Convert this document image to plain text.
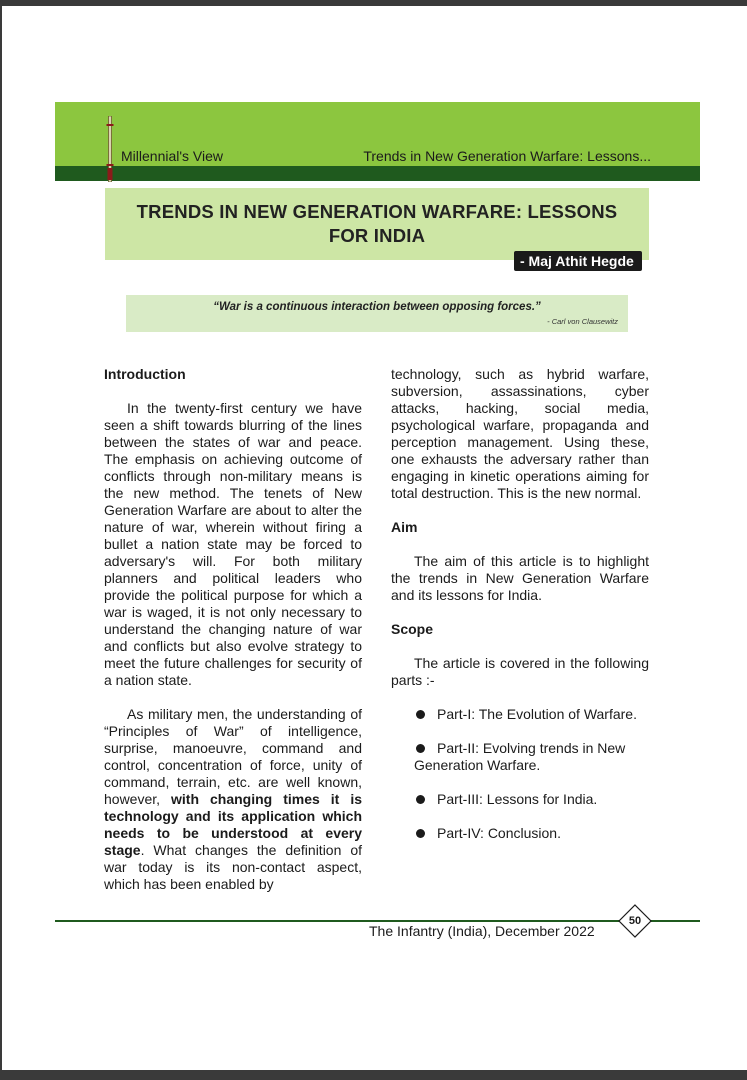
Millennial's View	Trends in New Generation Warfare: Lessons...
TRENDS IN NEW GENERATION WARFARE: LESSONS
FOR INDIA
- Maj Athit Hegde
“War is a continuous interaction between opposing forces.”
- Carl von Clausewitz
Introduction

In the twenty-first century we have seen a shift towards blurring of the lines between the states of war and peace. The emphasis on achieving outcome of conflicts through non-military means is the new method. The tenets of New Generation Warfare are about to alter the nature of war, wherein without firing a bullet a nation state may be forced to adversary's will. For both military planners and political leaders who provide the political purpose for which a war is waged, it is not only necessary to understand the changing nature of war and conflicts but also evolve strategy to meet the future challenges for security of a nation state.

As military men, the understanding of “Principles of War” of intelligence, surprise, manoeuvre, command and control, concentration of force, unity of command, terrain, etc. are well known, however, with changing times it is technology and its application which needs to be understood at every stage. What changes the definition of war today is its non-contact aspect, which has been enabled by

technology, such as hybrid warfare, subversion, assassinations, cyber attacks, hacking, social media, psychological warfare, propaganda and perception management. Using these, one exhausts the adversary rather than engaging in kinetic operations aiming for total destruction. This is the new normal.

Aim

The aim of this article is to highlight the trends in New Generation Warfare and its lessons for India.

Scope

The article is covered in the following parts :-

Part-I: The Evolution of Warfare.
Part-II: Evolving trends in New Generation Warfare.
Part-III: Lessons for India.
Part-IV: Conclusion.
The Infantry (India), December 2022
50
